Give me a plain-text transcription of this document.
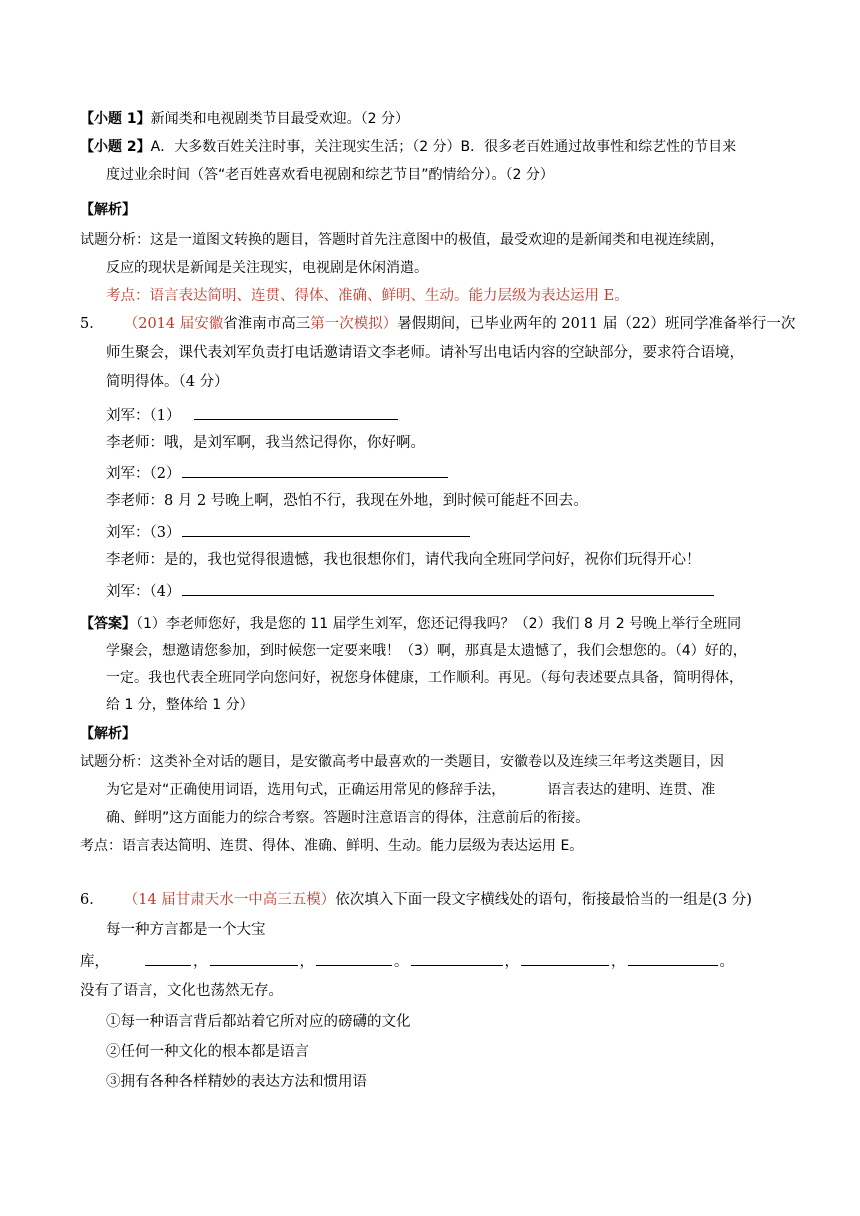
【小题 1】新闻类和电视剧类节目最受欢迎。（2 分）
【小题 2】A．大多数百姓关注时事，关注现实生活；（2 分）B．很多老百姓通过故事性和综艺性的节目来
度过业余时间（答“老百姓喜欢看电视剧和综艺节目”酌情给分）。（2 分）
【解析】
试题分析：这是一道图文转换的题目，答题时首先注意图中的极值，最受欢迎的是新闻类和电视连续剧，
反应的现状是新闻是关注现实，电视剧是休闲消遣。
考点：语言表达简明、连贯、得体、准确、鲜明、生动。能力层级为表达运用 E。
5． （2014 届安徽省淮南市高三第一次模拟）暑假期间，已毕业两年的 2011 届（22）班同学准备举行一次
师生聚会，课代表刘军负责打电话邀请语文李老师。请补写出电话内容的空缺部分，要求符合语境，
简明得体。（4 分）
刘军：（1）
李老师：哦，是刘军啊，我当然记得你，你好啊。
刘军：（2）
李老师：8 月 2 号晚上啊，恐怕不行，我现在外地，到时候可能赶不回去。
刘军：（3）
李老师：是的，我也觉得很遗憾，我也很想你们，请代我向全班同学问好，祝你们玩得开心！
刘军：（4）
【答案】（1）李老师您好，我是您的 11 届学生刘军，您还记得我吗？（2）我们 8 月 2 号晚上举行全班同
学聚会，想邀请您参加，到时候您一定要来哦！（3）啊，那真是太遗憾了，我们会想您的。（4）好的，
一定。我也代表全班同学向您问好，祝您身体健康，工作顺利。再见。（每句表述要点具备，简明得体，
给 1 分，整体给 1 分）
【解析】
试题分析：这类补全对话的题目，是安徽高考中最喜欢的一类题目，安徽卷以及连续三年考这类题目，因
为它是对“正确使用词语，选用句式，正确运用常见的修辞手法，	语言表达的建明、连贯、准
确、鲜明”这方面能力的综合考察。答题时注意语言的得体，注意前后的衔接。
考点：语言表达简明、连贯、得体、准确、鲜明、生动。能力层级为表达运用 E。
6． （14 届甘肃天水一中高三五模）依次填入下面一段文字横线处的语句，衔接最恰当的一组是(3 分)
每一种方言都是一个大宝
库，	，	，	。	，	，	。
没有了语言，文化也荡然无存。
①每一种语言背后都站着它所对应的磅礴的文化
②任何一种文化的根本都是语言
③拥有各种各样精妙的表达方法和惯用语
